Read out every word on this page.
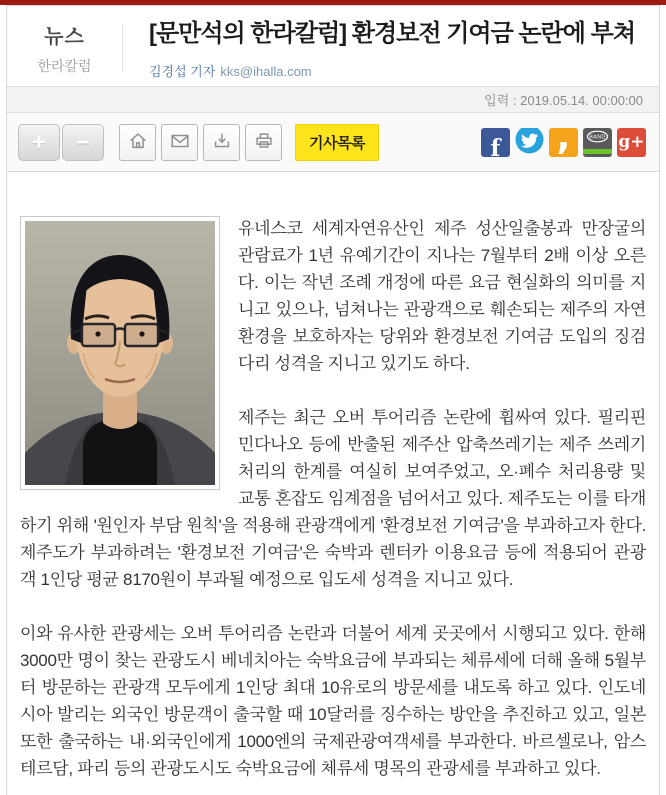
뉴스
한라칼럼
[문만석의 한라칼럼] 환경보전 기여금 논란에 부쳐
김경섭 기자 kks@ihalla.com
입력 : 2019.05.14. 00:00:00
+	−	기사목록	f ,	BAND g+

유네스코 세계자연유산인 제주 성산일출봉과 만장굴의 관람료가 1년 유예기간이 지나는 7월부터 2배 이상 오른다. 이는 작년 조례 개정에 따른 요금 현실화의 의미를 지니고 있으나, 넘쳐나는 관광객으로 훼손되는 제주의 자연환경을 보호하자는 당위와 환경보전 기여금 도입의 징검다리 성격을 지니고 있기도 하다.

제주는 최근 오버 투어리즘 논란에 휩싸여 있다. 필리핀 민다나오 등에 반출된 제주산 압축쓰레기는 제주 쓰레기 처리의 한계를 여실히 보여주었고, 오·폐수 처리용량 및 교통 혼잡도 임계점을 넘어서고 있다. 제주도는 이를 타개하기 위해 '원인자 부담 원칙'을 적용해 관광객에게 '환경보전 기여금'을 부과하고자 한다. 제주도가 부과하려는 '환경보전 기여금'은 숙박과 렌터카 이용요금 등에 적용되어 관광객 1인당 평균 8170원이 부과될 예정으로 입도세 성격을 지니고 있다.

이와 유사한 관광세는 오버 투어리즘 논란과 더불어 세계 곳곳에서 시행되고 있다. 한해 3000만 명이 찾는 관광도시 베네치아는 숙박요금에 부과되는 체류세에 더해 올해 5월부터 방문하는 관광객 모두에게 1인당 최대 10유로의 방문세를 내도록 하고 있다. 인도네시아 발리는 외국인 방문객이 출국할 때 10달러를 징수하는 방안을 추진하고 있고, 일본 또한 출국하는 내·외국인에게 1000엔의 국제관광여객세를 부과한다. 바르셀로나, 암스테르담, 파리 등의 관광도시도 숙박요금에 체류세 명목의 관광세를 부과하고 있다.
